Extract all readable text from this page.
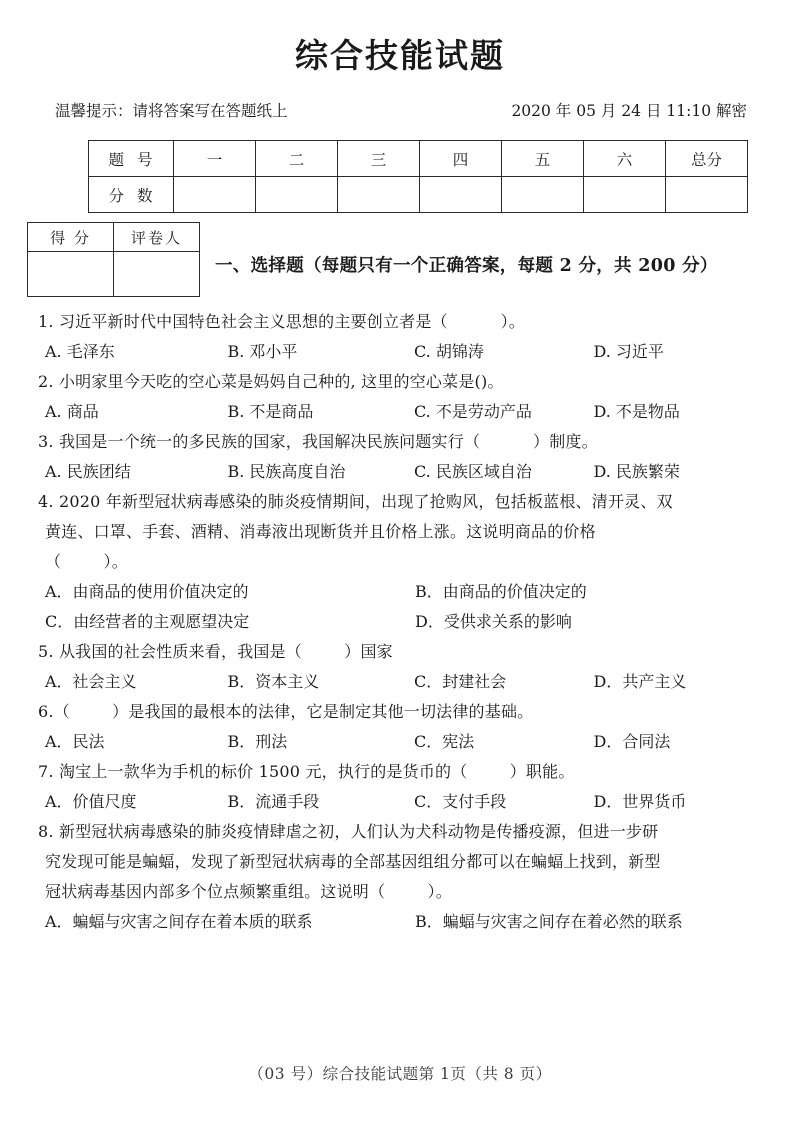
综合技能试题
温馨提示：请将答案写在答题纸上	2020 年 05 月 24 日 11:10 解密
题 号	一	二	三	四	五	六	总分
分 数							
得 分	评卷人

一、选择题（每题只有一个正确答案，每题 2 分，共 200 分）
1. 习近平新时代中国特色社会主义思想的主要创立者是（          ）。
A. 毛泽东	B. 邓小平	C. 胡锦涛	D. 习近平
2. 小明家里今天吃的空心菜是妈妈自己种的, 这里的空心菜是()。
A. 商品	B. 不是商品	C. 不是劳动产品	D. 不是物品
3. 我国是一个统一的多民族的国家，我国解决民族问题实行（          ）制度。
A. 民族团结	B. 民族高度自治	C. 民族区域自治	D. 民族繁荣
4. 2020 年新型冠状病毒感染的肺炎疫情期间，出现了抢购风，包括板蓝根、清开灵、双
黄连、口罩、手套、酒精、消毒液出现断货并且价格上涨。这说明商品的价格
（        ）。
A．由商品的使用价值决定的	B．由商品的价值决定的
C．由经营者的主观愿望决定	D．受供求关系的影响
5. 从我国的社会性质来看，我国是（        ）国家
A．社会主义	B．资本主义	C．封建社会	D．共产主义
6.（        ）是我国的最根本的法律，它是制定其他一切法律的基础。
A．民法	B．刑法	C．宪法	D．合同法
7. 淘宝上一款华为手机的标价 1500 元，执行的是货币的（        ）职能。
A．价值尺度	B．流通手段	C．支付手段	D．世界货币
8. 新型冠状病毒感染的肺炎疫情肆虐之初，人们认为犬科动物是传播疫源，但进一步研
究发现可能是蝙蝠，发现了新型冠状病毒的全部基因组组分都可以在蝙蝠上找到，新型
冠状病毒基因内部多个位点频繁重组。这说明（        ）。
A．蝙蝠与灾害之间存在着本质的联系	B．蝙蝠与灾害之间存在着必然的联系
（03 号）综合技能试题第 1页（共 8 页）
